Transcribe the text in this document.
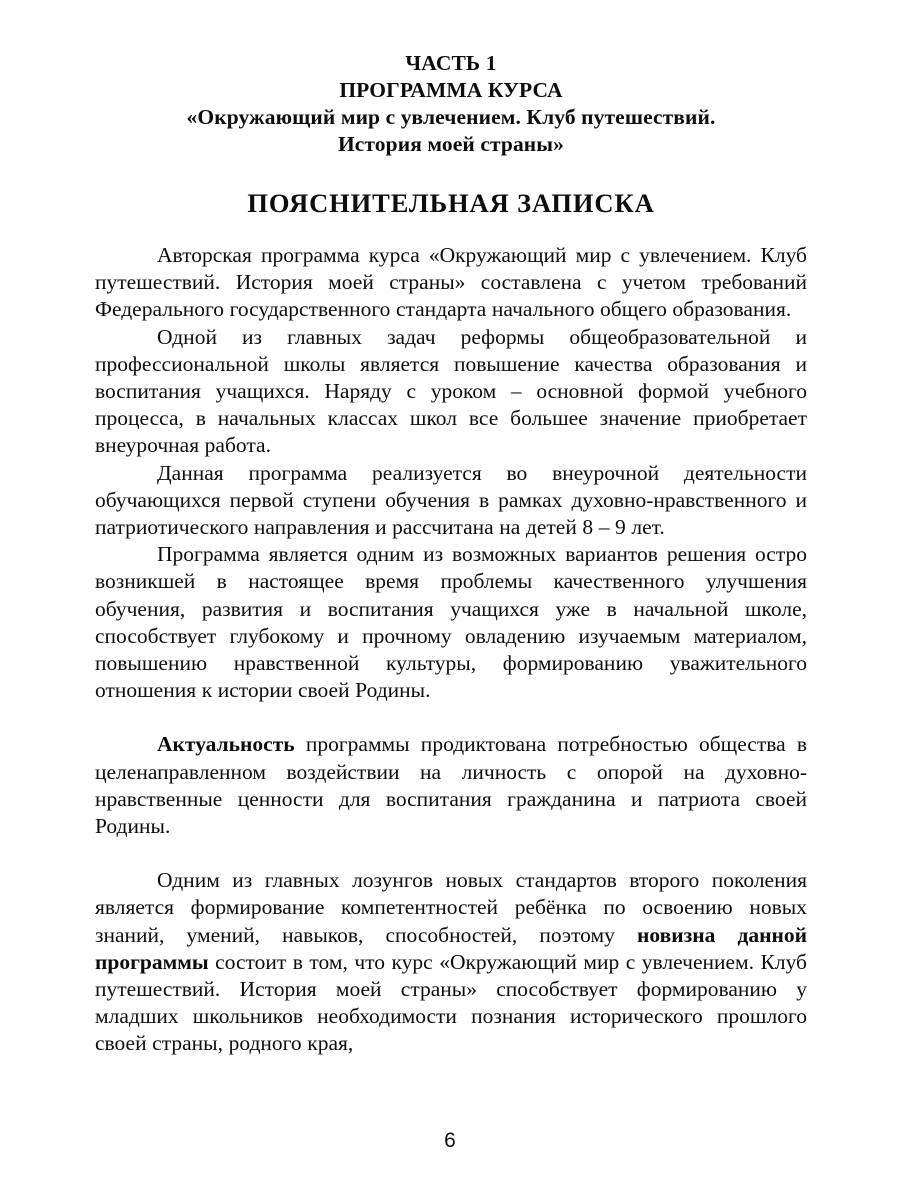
ЧАСТЬ 1
ПРОГРАММА КУРСА
«Окружающий мир с увлечением. Клуб путешествий.
История моей страны»
ПОЯСНИТЕЛЬНАЯ ЗАПИСКА

Авторская программа курса «Окружающий мир с увлечением. Клуб путешествий. История моей страны» составлена с учетом требований Федерального государственного стандарта начального общего образования.

Одной из главных задач реформы общеобразовательной и профессиональной школы является повышение качества образования и воспитания учащихся. Наряду с уроком – основной формой учебного процесса, в начальных классах школ все большее значение приобретает внеурочная работа.

Данная программа реализуется во внеурочной деятельности обучающихся первой ступени обучения в рамках духовно-нравственного и патриотического направления и рассчитана на детей 8 – 9 лет.

Программа является одним из возможных вариантов решения остро возникшей в настоящее время проблемы качественного улучшения обучения, развития и воспитания учащихся уже в начальной школе, способствует глубокому и прочному овладению изучаемым материалом, повышению нравственной культуры, формированию уважительного отношения к истории своей Родины.

Актуальность программы продиктована потребностью общества в целенаправленном воздействии на личность с опорой на духовно-нравственные ценности для воспитания гражданина и патриота своей Родины.

Одним из главных лозунгов новых стандартов второго поколения является формирование компетентностей ребёнка по освоению новых знаний, умений, навыков, способностей, поэтому новизна данной программы состоит в том, что курс «Окружающий мир с увлечением. Клуб путешествий. История моей страны» способствует формированию у младших школьников необходимости познания исторического прошлого своей страны, родного края,

6
